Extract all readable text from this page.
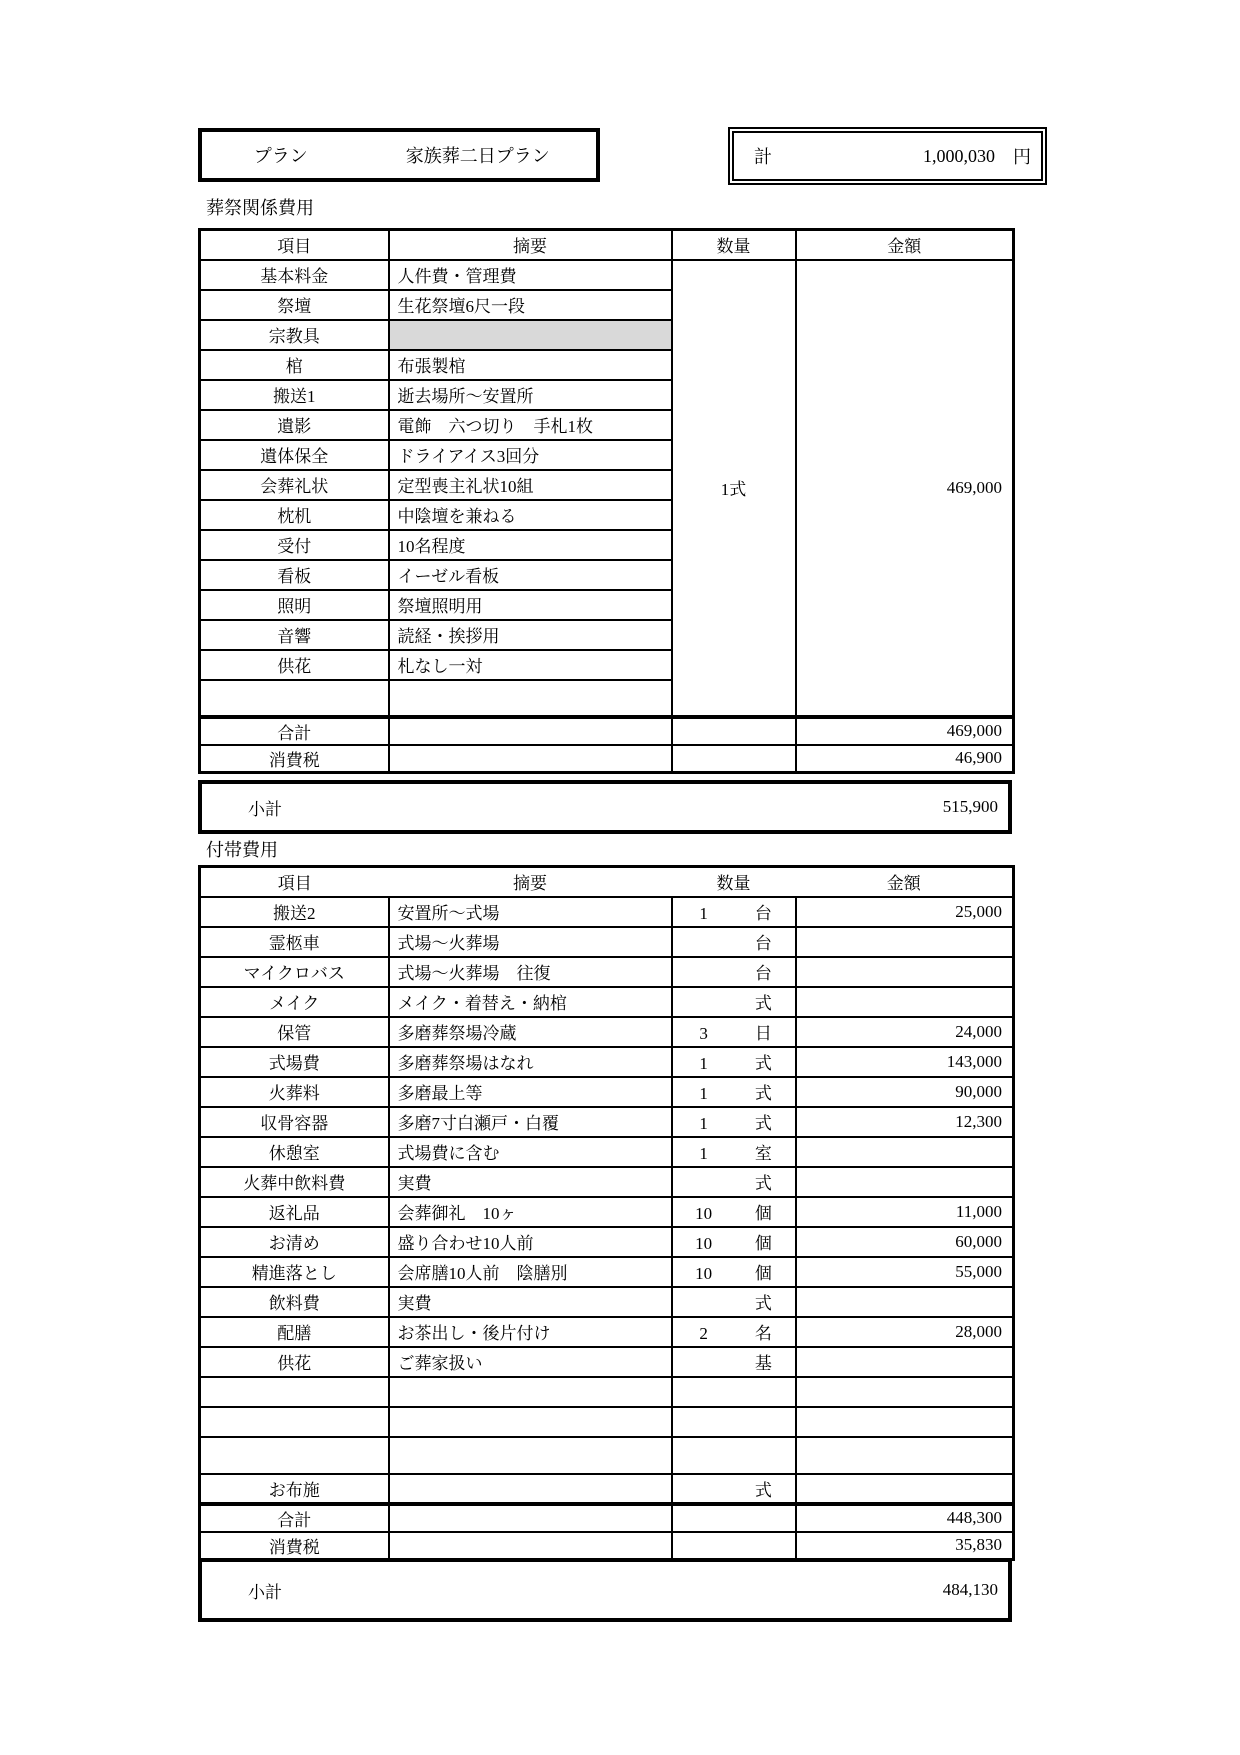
プラン	家族葬二日プラン	計	1,000,030	円
葬祭関係費用
項目	摘要	数量	金額
基本料金	人件費・管理費	1式	469,000
祭壇	生花祭壇6尺一段		
宗教具			
棺	布張製棺		
搬送1	逝去場所〜安置所		
遺影	電飾　六つ切り　手札1枚		
遺体保全	ドライアイス3回分		
会葬礼状	定型喪主礼状10組		
枕机	中陰壇を兼ねる		
受付	10名程度		
看板	イーゼル看板		
照明	祭壇照明用		
音響	読経・挨拶用		
供花	札なし一対		

合計			469,000
消費税			46,900
小計	515,900
付帯費用
項目	摘要	数量	金額
搬送2	安置所〜式場	1 台	25,000
霊柩車	式場〜火葬場	台	
マイクロバス	式場〜火葬場　往復	台	
メイク	メイク・着替え・納棺	式	
保管	多磨葬祭場冷蔵	3 日	24,000
式場費	多磨葬祭場はなれ	1 式	143,000
火葬料	多磨最上等	1 式	90,000
収骨容器	多磨7寸白瀬戸・白覆	1 式	12,300
休憩室	式場費に含む	1 室	
火葬中飲料費	実費	式	
返礼品	会葬御礼　10ヶ	10 個	11,000
お清め	盛り合わせ10人前	10 個	60,000
精進落とし	会席膳10人前　陰膳別	10 個	55,000
飲料費	実費	式	
配膳	お茶出し・後片付け	2 名	28,000
供花	ご葬家扱い	基	

お布施		式	
合計			448,300
消費税			35,830
小計	484,130
